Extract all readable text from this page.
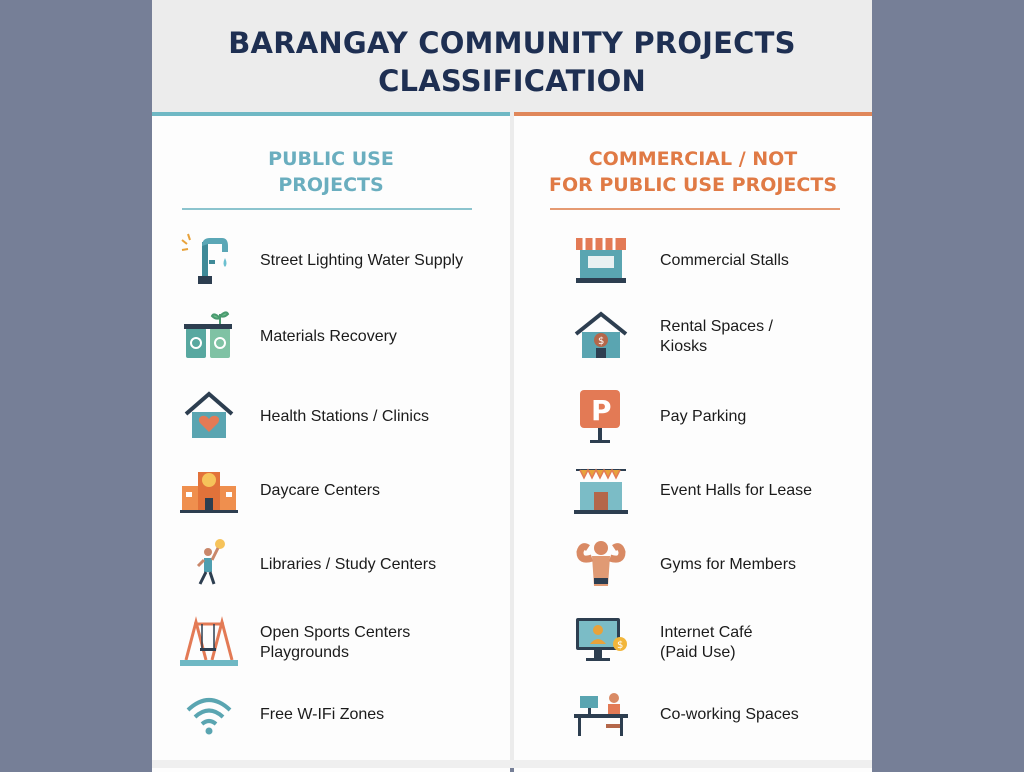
BARANGAY COMMUNITY PROJECTS
CLASSIFICATION
PUBLIC USE
PROJECTS
Street Lighting Water Supply
Materials Recovery
Health Stations / Clinics
Daycare Centers
Libraries / Study Centers
Open Sports Centers
Playgrounds
Free W-IFi Zones
COMMERCIAL / NOT
FOR PUBLIC USE PROJECTS
Commercial Stalls
$
Rental Spaces /
Kiosks
P	Pay Parking
Event Halls for Lease
Gyms for Members
$
Internet Café
(Paid Use)
Co-working Spaces
